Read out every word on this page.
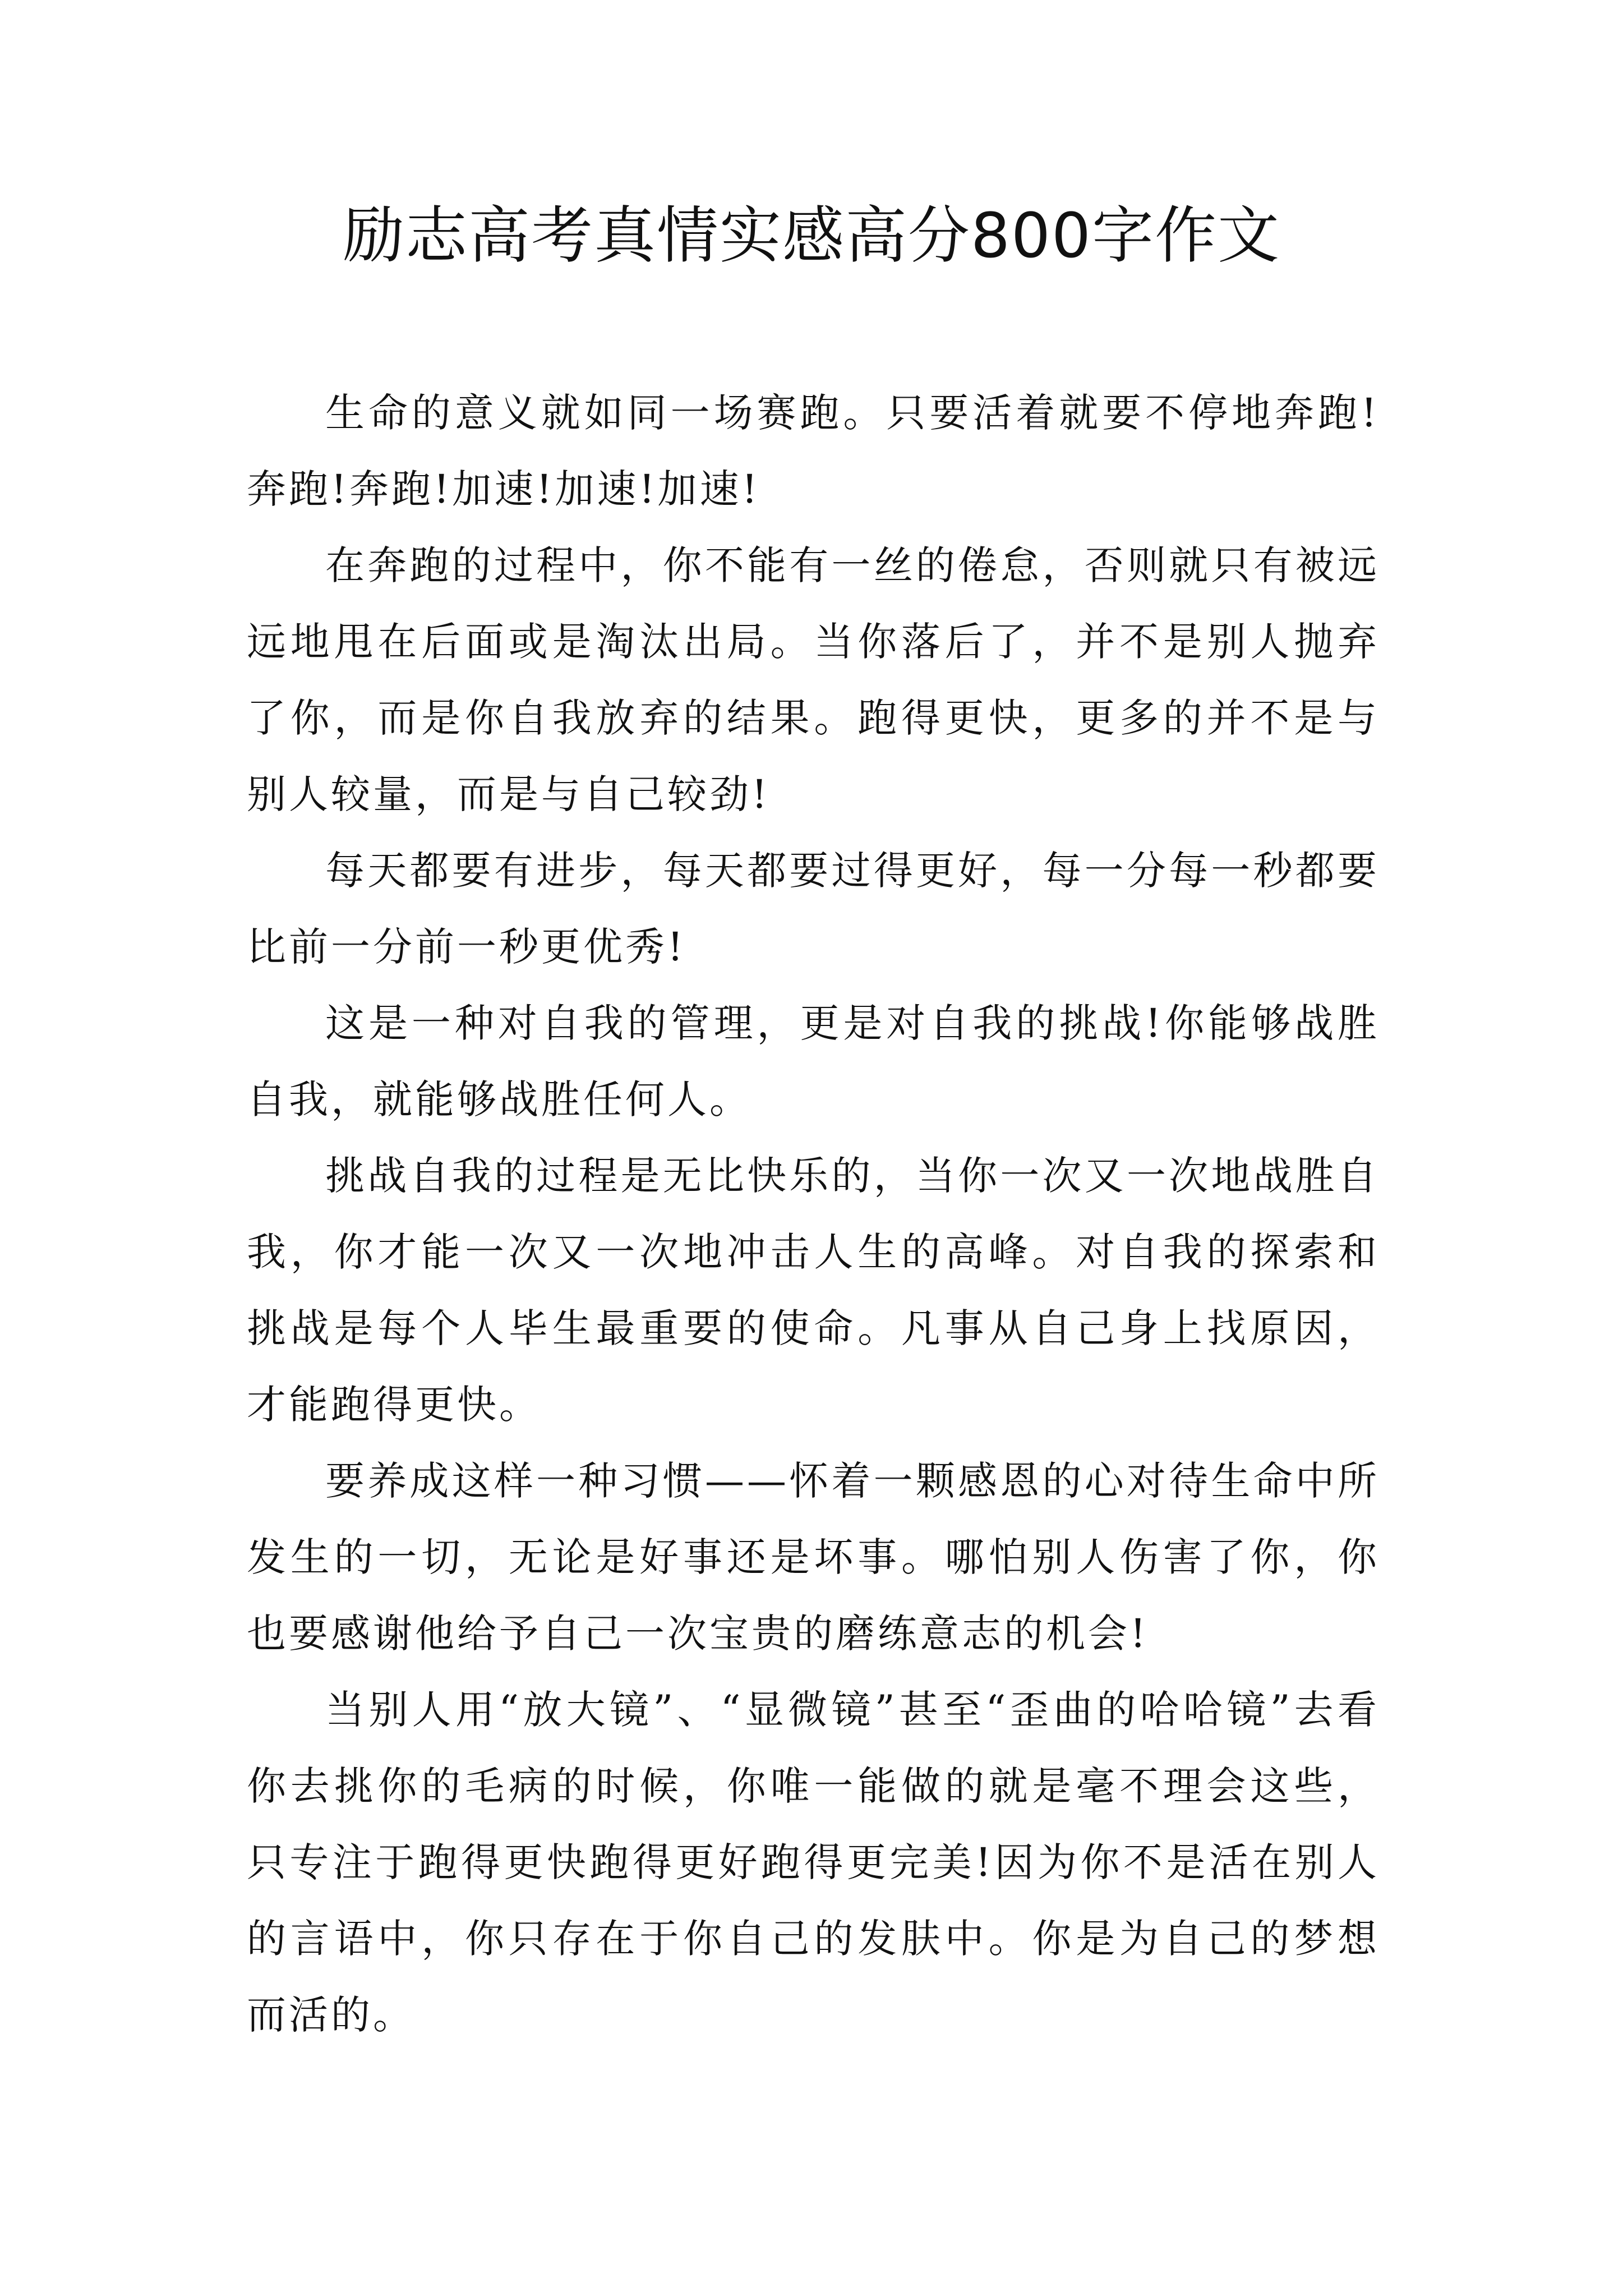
励志高考真情实感高分800字作文

生命的意义就如同一场赛跑。只要活着就要不停地奔跑!奔跑!奔跑!加速!加速!加速!

在奔跑的过程中，你不能有一丝的倦怠，否则就只有被远远地甩在后面或是淘汰出局。当你落后了，并不是别人抛弃了你，而是你自我放弃的结果。跑得更快，更多的并不是与别人较量，而是与自己较劲!

每天都要有进步，每天都要过得更好，每一分每一秒都要比前一分前一秒更优秀!

这是一种对自我的管理，更是对自我的挑战!你能够战胜自我，就能够战胜任何人。

挑战自我的过程是无比快乐的，当你一次又一次地战胜自我，你才能一次又一次地冲击人生的高峰。对自我的探索和挑战是每个人毕生最重要的使命。凡事从自己身上找原因，才能跑得更快。

要养成这样一种习惯——怀着一颗感恩的心对待生命中所发生的一切，无论是好事还是坏事。哪怕别人伤害了你，你也要感谢他给予自己一次宝贵的磨练意志的机会!

当别人用“放大镜”、“显微镜”甚至“歪曲的哈哈镜”去看你去挑你的毛病的时候，你唯一能做的就是毫不理会这些，只专注于跑得更快跑得更好跑得更完美!因为你不是活在别人的言语中，你只存在于你自己的发肤中。你是为自己的梦想而活的。
